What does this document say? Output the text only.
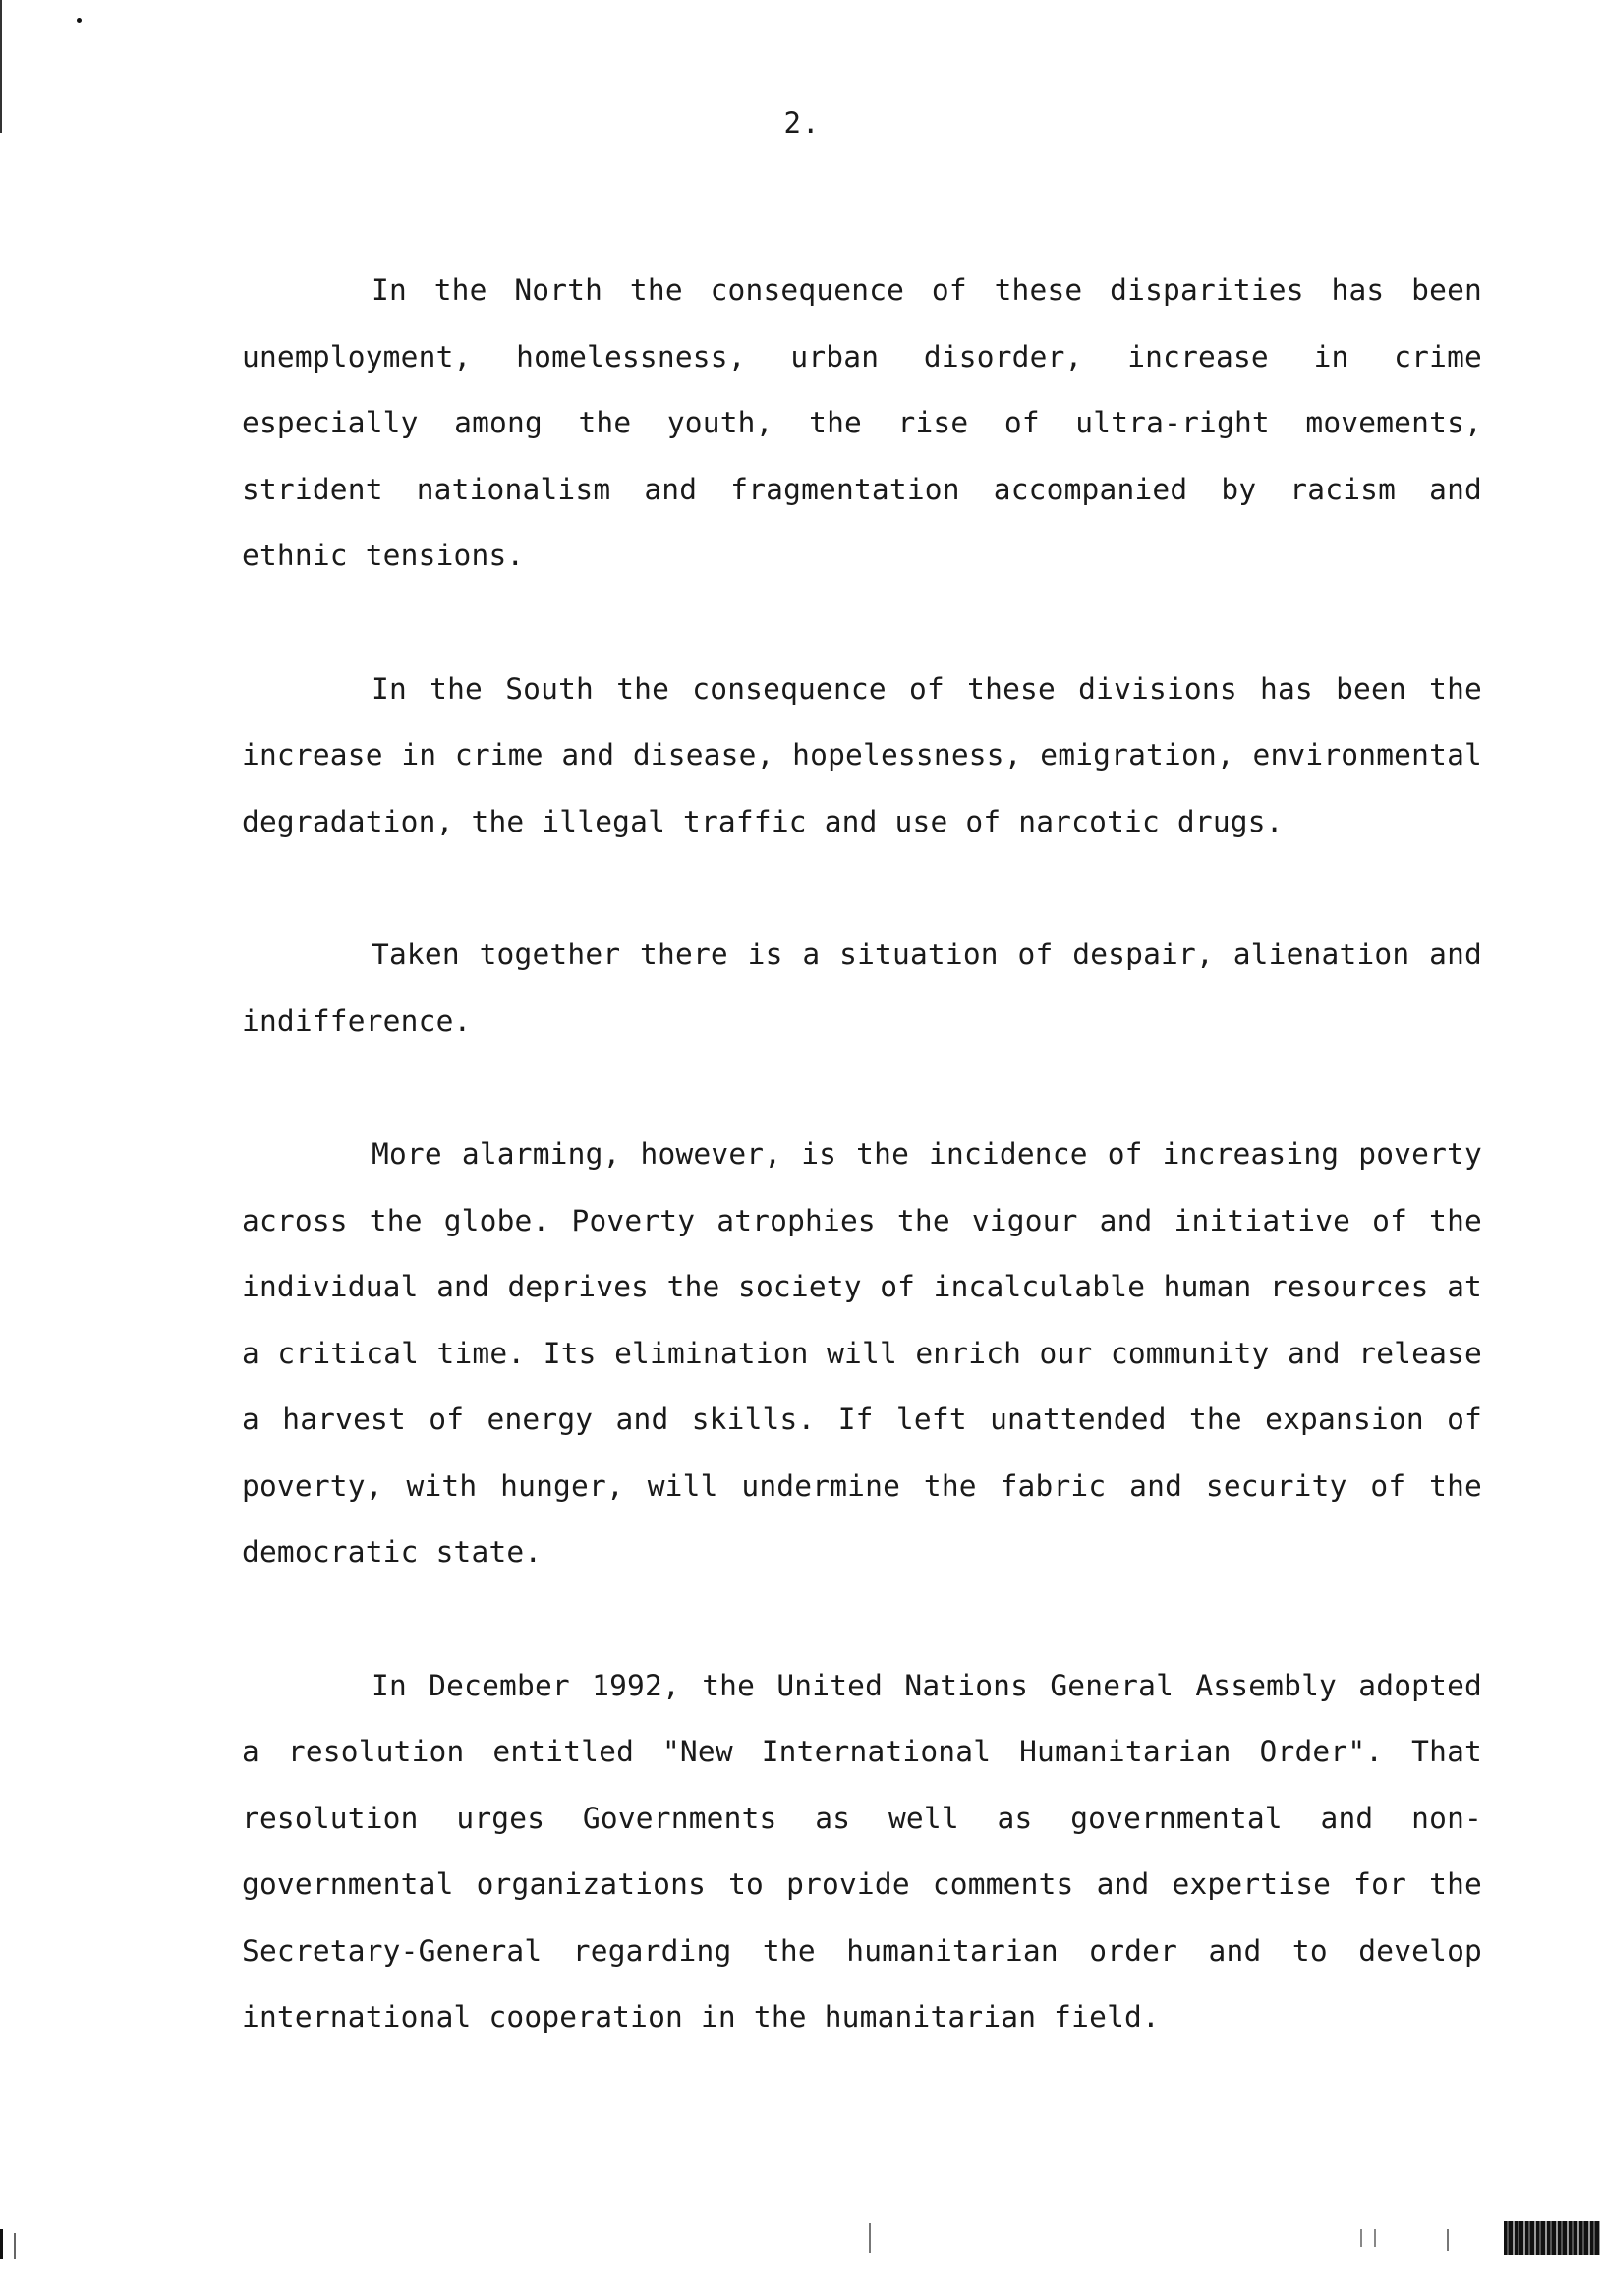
2.

In the North the consequence of these disparities has been unemployment, homelessness, urban disorder, increase in crime especially among the youth, the rise of ultra-right movements, strident nationalism and fragmentation accompanied by racism and ethnic tensions.

In the South the consequence of these divisions has been the increase in crime and disease, hopelessness, emigration, environmental degradation, the illegal traffic and use of narcotic drugs.

Taken together there is a situation of despair, alienation and indifference.

More alarming, however, is the incidence of increasing poverty across the globe. Poverty atrophies the vigour and initiative of the individual and deprives the society of incalculable human resources at a critical time. Its elimination will enrich our community and release a harvest of energy and skills. If left unattended the expansion of poverty, with hunger, will undermine the fabric and security of the democratic state.

In December 1992, the United Nations General Assembly adopted a resolution entitled "New International Humanitarian Order". That resolution urges Governments as well as governmental and non-governmental organizations to provide comments and expertise for the Secretary-General regarding the humanitarian order and to develop international cooperation in the humanitarian field.
